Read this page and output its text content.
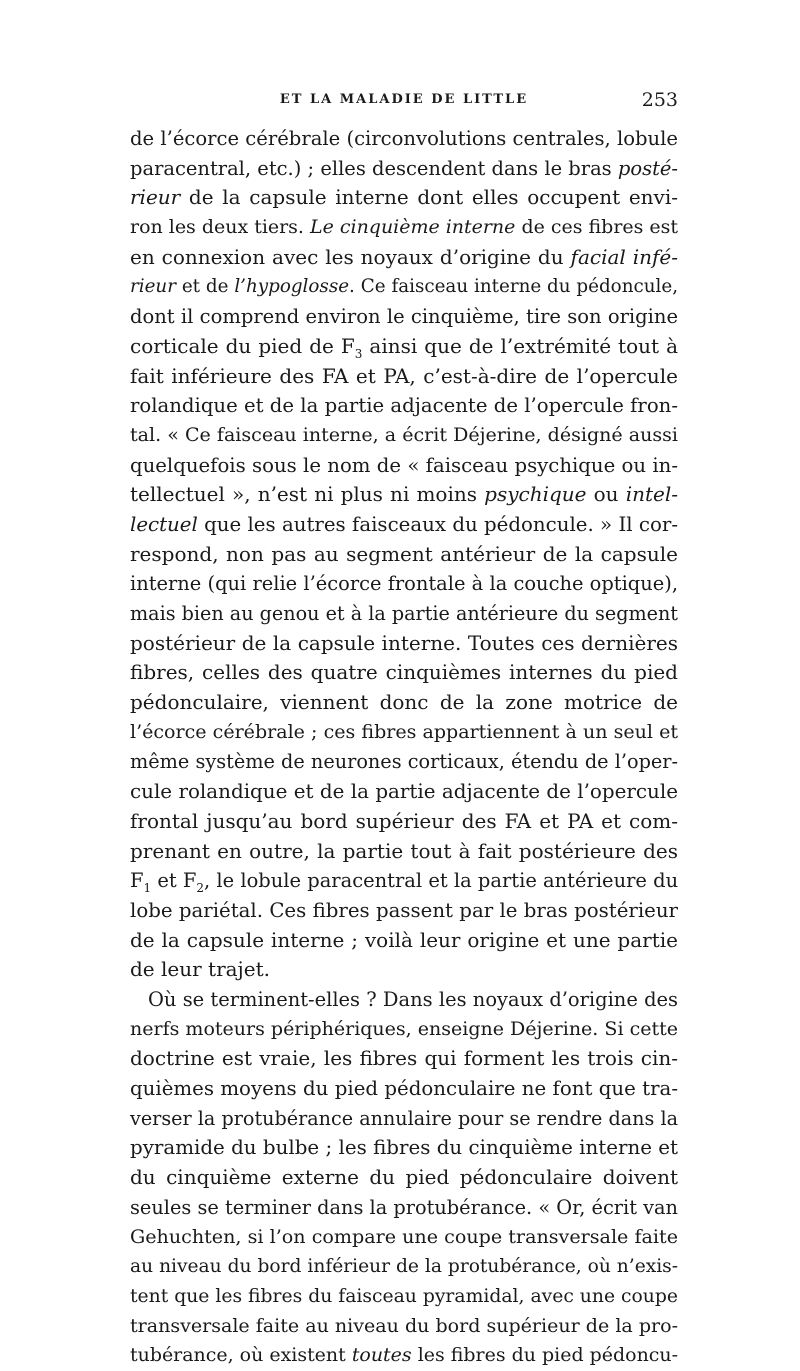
ET LA MALADIE DE LITTLE	253
de l’écorce cérébrale (circonvolutions centrales, lobule
paracentral, etc.) ; elles descendent dans le bras posté-
rieur de la capsule interne dont elles occupent envi-
ron les deux tiers. Le cinquième interne de ces fibres est
en connexion avec les noyaux d’origine du facial infé-
rieur et de l’hypoglosse. Ce faisceau interne du pédoncule,
dont il comprend environ le cinquième, tire son origine
corticale du pied de $F_3$ ainsi que de l’extrémité tout à
fait inférieure des FA et PA, c’est-à-dire de l’opercule
rolandique et de la partie adjacente de l’opercule fron-
tal. « Ce faisceau interne, a écrit Déjerine, désigné aussi
quelquefois sous le nom de « faisceau psychique ou in-
tellectuel », n’est ni plus ni moins psychique ou intel-
lectuel que les autres faisceaux du pédoncule. » Il cor-
respond, non pas au segment antérieur de la capsule
interne (qui relie l’écorce frontale à la couche optique),
mais bien au genou et à la partie antérieure du segment
postérieur de la capsule interne. Toutes ces dernières
fibres, celles des quatre cinquièmes internes du pied
pédonculaire, viennent donc de la zone motrice de
l’écorce cérébrale ; ces fibres appartiennent à un seul et
même système de neurones corticaux, étendu de l’oper-
cule rolandique et de la partie adjacente de l’opercule
frontal jusqu’au bord supérieur des FA et PA et com-
prenant en outre, la partie tout à fait postérieure des
$F_1$ et $F_2$, le lobule paracentral et la partie antérieure du
lobe pariétal. Ces fibres passent par le bras postérieur
de la capsule interne ; voilà leur origine et une partie
de leur trajet.
Où se terminent-elles ? Dans les noyaux d’origine des
nerfs moteurs périphériques, enseigne Déjerine. Si cette
doctrine est vraie, les fibres qui forment les trois cin-
quièmes moyens du pied pédonculaire ne font que tra-
verser la protubérance annulaire pour se rendre dans la
pyramide du bulbe ; les fibres du cinquième interne et
du cinquième externe du pied pédonculaire doivent
seules se terminer dans la protubérance. « Or, écrit van
Gehuchten, si l’on compare une coupe transversale faite
au niveau du bord inférieur de la protubérance, où n’exis-
tent que les fibres du faisceau pyramidal, avec une coupe
transversale faite au niveau du bord supérieur de la pro-
tubérance, où existent toutes les fibres du pied pédoncu-
